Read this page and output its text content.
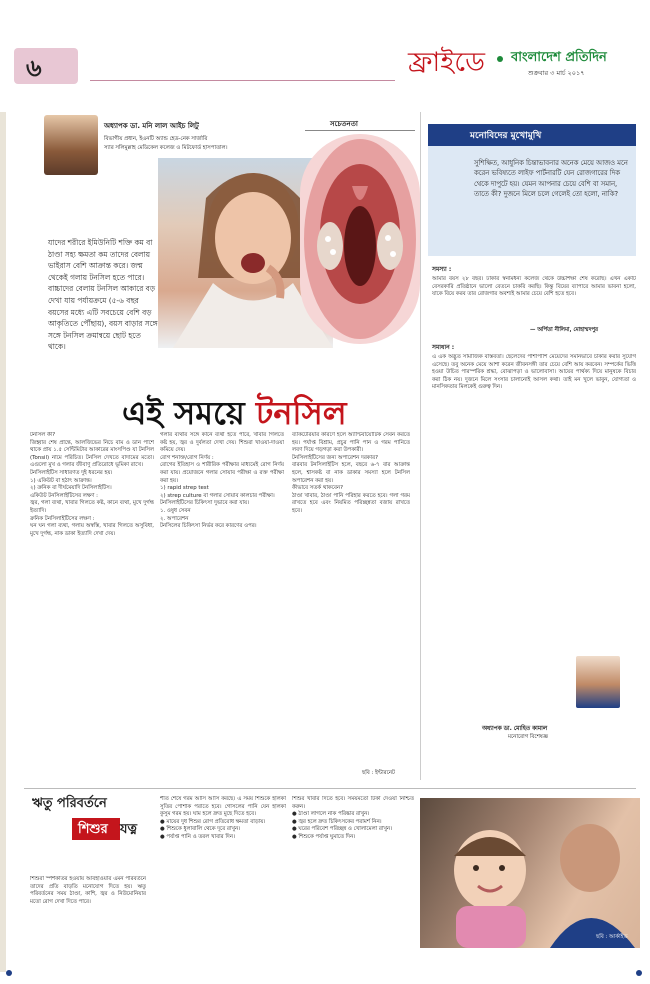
৬	ফ্রাইডে বাংলাদেশ প্রতিদিন
শুক্রবার ৩ মার্চ ২০১৭
অধ্যাপক ডা. মনি লাল আইচ লিটু
বিভাগীয় প্রধান, ইএনটি অ্যান্ড হেড-নেক সার্জারি
স্যার সলিমুল্লাহ মেডিকেল কলেজ ও মিটফোর্ড হাসপাতাল।
সচেতনতা
যাদের শরীরে ইমিউনিটি শক্তি কম বা ঠাণ্ডা সহ্য ক্ষমতা কম তাদের বেলায় ভাইরাস বেশি আক্রান্ত করে। জন্ম থেকেই গলায় টনসিল হতে পারে। বাচ্চাদের বেলায় টনসিল আকারে বড় দেখা যায় পর্যায়ক্রমে (৫-৬ বছর বয়সের মধ্যে এটি সবচেয়ে বেশি বড় আকৃতিতে পৌঁছায়), বয়স বাড়ার সঙ্গে সঙ্গে টনসিল ক্রমান্বয়ে ছোট হতে থাকে।
এই সময়ে টনসিল
টনসিল কী?
জিহ্বার শেষ প্রান্তে, আলজিভের নিচে বাম ও ডান পাশে থাকে প্রায় ১.৫ সেন্টিমিটার আকারের মাংসপিণ্ড যা টনসিল (Tonsil) নামে পরিচিত। টনসিল দেখতে বাদামের মতো। এগুলো মুখ ও গলার জীবাণু প্রতিরোধে ভূমিকা রাখে।
টনসিলাইটিস সাধারণত দুই ধরনের হয়।
১) একিউট বা হঠাৎ আক্রান্ত।
২) ক্রনিক বা দীর্ঘমেয়াদি টনসিলাইটিস।
একিউট টনসিলাইটিসের লক্ষণ :
জ্বর, গলা ব্যথা, খাবার গিলতে কষ্ট, কানে ব্যথা, মুখে দুর্গন্ধ ইত্যাদি।
ক্রনিক টনসিলাইটিসের লক্ষণ :
ঘন ঘন গলা ব্যথা, গলায় অস্বস্তি, খাবার গিলতে অসুবিধা, মুখে দুর্গন্ধ, নাক ডাকা ইত্যাদি দেখা দেয়।
গলার ব্যথার সঙ্গে কানে ব্যথা হতে পারে, খাবার গিলতে কষ্ট হয়, জ্বর ও দুর্বলতা দেখা দেয়। শিশুরা খাওয়া-দাওয়া কমিয়ে দেয়।
রোগ শনাক্ত/রোগ নির্ণয় :
রোগের ইতিহাস ও শারীরিক পরীক্ষার মাধ্যমেই রোগ নির্ণয় করা যায়। প্রয়োজনে গলার সোয়াব পরীক্ষা ও রক্ত পরীক্ষা করা হয়।
১) rapid strep test
২) strep culture বা গলার সোয়াব কালচার পরীক্ষা।
টনসিলাইটিসের চিকিৎসা দুভাবে করা যায়।
১. ওষুধ সেবন
২. অপারেশন
টনসিলের চিকিৎসা নির্ভর করে কারণের ওপর।
ব্যাকটেরিয়ার কারণে হলে অ্যান্টিবায়োটিক সেবন করতে হয়। পর্যাপ্ত বিশ্রাম, প্রচুর পানি পান ও গরম পানিতে লবণ দিয়ে গড়গড়া করা উপকারী।
টনসিলাইটিসের জন্য অপারেশন দরকার?
বারবার টনসিলাইটিস হলে, বছরে ৬-৭ বার আক্রান্ত হলে, শ্বাসকষ্ট বা নাক ডাকার সমস্যা হলে টনসিল অপারেশন করা হয়।
কীভাবে সতর্ক থাকবেন?
ঠাণ্ডা খাবার, ঠাণ্ডা পানি পরিহার করতে হবে। গলা গরম রাখতে হবে এবং নিয়মিত পরিচ্ছন্নতা বজায় রাখতে হবে।
ছবি : ইন্টারনেট
মনোবিদের মুখোমুখি
সুশিক্ষিত, আধুনিক চিন্তাভাবনার অনেক মেয়ে আজও মনে করেন ভবিষ্যতে লাইফ পার্টনারটি যেন রোজগারের দিক থেকে দাপুটে হয়। যেমন আপনার চেয়ে বেশি বা সমান, তাতে কী? দুজনে মিলে চলে গেলেই তো হলো, নাকি?
সমস্যা :
আমার বয়স ২৮ বছর। ঢাকার স্বনামধন্য কলেজ থেকে উচ্চশিক্ষা শেষ করেছি। এখন একটি বেসরকারি প্রতিষ্ঠানে ভালো বেতনে চাকরি করছি। কিন্তু বিয়ের ব্যাপারে আমার ভাবনা হলো, যাকে বিয়ে করব তার রোজগার অবশ্যই আমার চেয়ে বেশি হতে হবে।
— অর্পিতা নীলিমা, মোহাম্মদপুর
সমাধান :
এ এক অদ্ভুত সামাজিক বাস্তবতা। ছেলেদের পাশাপাশি মেয়েদের সমানভাবে চাকরি করার সুযোগ এসেছে। তবু অনেক মেয়ে আশা করেন জীবনসঙ্গী তার চেয়ে বেশি আয় করবেন। সম্পর্কের ভিত্তি হওয়া উচিত পারস্পরিক শ্রদ্ধা, বোঝাপড়া ও ভালোবাসা। আয়ের পার্থক্য দিয়ে মানুষকে বিচার করা ঠিক নয়। দুজনে মিলে সংসার চালানোই আসল কথা। তাই মন খুলে ভাবুন, যোগ্যতা ও মানসিকতার মিলকেই গুরুত্ব দিন।
অধ্যাপক ডা. মোহিত কামাল
মনোরোগ বিশেষজ্ঞ
ঋতু পরিবর্তনে
শিশুর যত্ন
শিশুরা স্পর্শকাতর হওয়ায় আবহাওয়ার এমন পরিবর্তনে তাদের প্রতি বাড়তি মনোযোগ দিতে হয়। ঋতু পরিবর্তনের সময় ঠাণ্ডা, কাশি, জ্বর ও নিউমোনিয়ার মতো রোগ দেখা দিতে পারে।
শীত শেষে গরম আসি আসি করছে। এ সময় শিশুকে হালকা সুতির পোশাক পরাতে হবে। গোসলের পানি যেন হালকা কুসুম গরম হয়। ঘাম হলে দ্রুত মুছে দিতে হবে।
● মায়ের দুধ শিশুর রোগ প্রতিরোধ ক্ষমতা বাড়ায়।
● শিশুকে ধুলাবালি থেকে দূরে রাখুন।
● পর্যাপ্ত পানি ও তরল খাবার দিন।
শিশুর খাবার দিতে হবে। সময়মতো টিকা দেওয়া নিশ্চিত করুন।
● ঠাণ্ডা লাগলে নাক পরিষ্কার রাখুন।
● জ্বর হলে দ্রুত চিকিৎসকের পরামর্শ নিন।
● ঘরের পরিবেশ পরিচ্ছন্ন ও খোলামেলা রাখুন।
● শিশুকে পর্যাপ্ত ঘুমাতে দিন।
ছবি : আর্কাইভ
